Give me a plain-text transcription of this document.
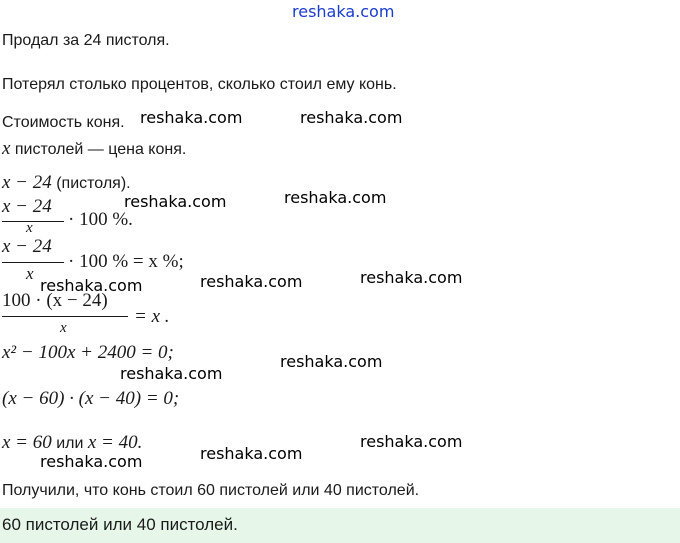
reshaka.com
Продал за 24 пистоля.
Потерял столько процентов, сколько стоил ему конь.
Стоимость коня.
x пистолей — цена коня.
x − 24 (пистоля).
x − 24
x · 100 %.
x − 24
x
· 100 % = x %;
100 · (x − 24)
x
= x .
x² − 100x + 2400 = 0;
(x − 60) · (x − 40) = 0;
x = 60 или x = 40.
Получили, что конь стоил 60 пистолей или 40 пистолей.
60 пистолей или 40 пистолей.
reshaka.com	reshaka.com
reshaka.com	reshaka.com
reshaka.com	reshaka.com	reshaka.com
reshaka.com
reshaka.com
reshaka.com
reshaka.com
reshaka.com
